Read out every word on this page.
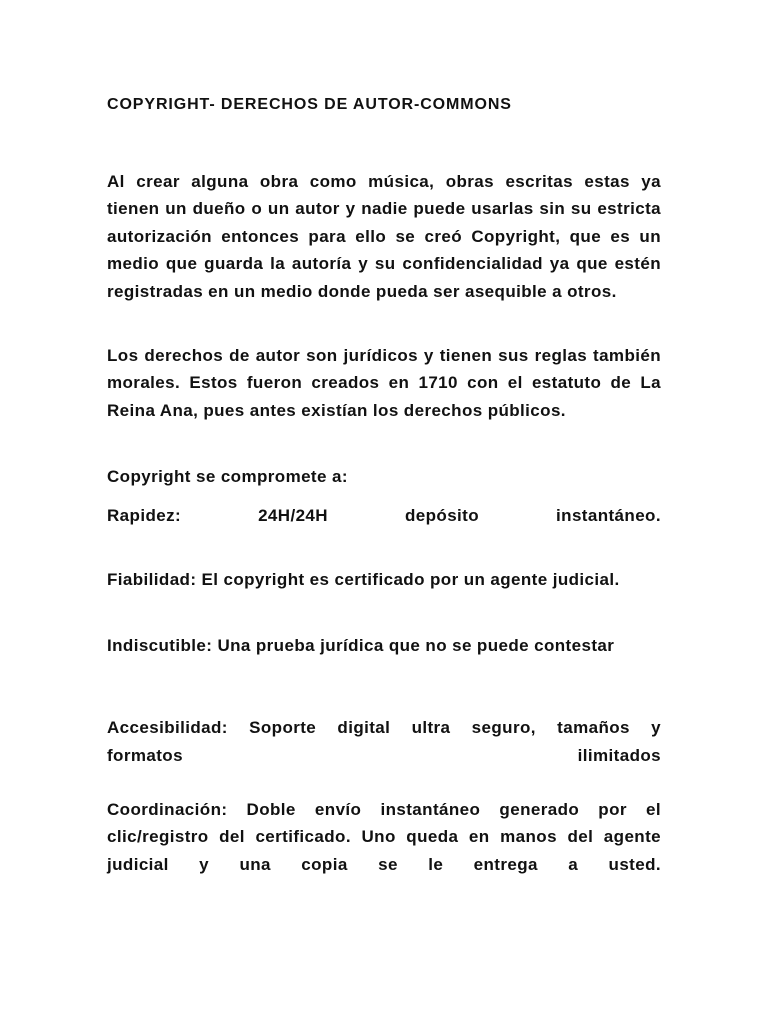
COPYRIGHT- DERECHOS DE AUTOR-COMMONS

Al crear alguna obra como música, obras escritas estas ya tienen un dueño o un autor y nadie puede usarlas sin su estricta autorización entonces para ello se creó Copyright, que es un medio que guarda la autoría y su confidencialidad ya que estén registradas en un medio donde pueda ser asequible a otros.

Los derechos de autor son jurídicos y tienen sus reglas también morales. Estos fueron creados en 1710 con el estatuto de La Reina Ana, pues antes existían los derechos públicos.

Copyright se compromete a:

Rapidez:	24H/24H	depósito	instantáneo.

Fiabilidad: El copyright es certificado por un agente judicial.

Indiscutible: Una prueba jurídica que no se puede contestar

Accesibilidad: Soporte digital ultra seguro, tamaños y

formatos	ilimitados

Coordinación: Doble envío instantáneo generado por el clic/registro del certificado. Uno queda en manos del agente judicial y una copia se le entrega a usted.
